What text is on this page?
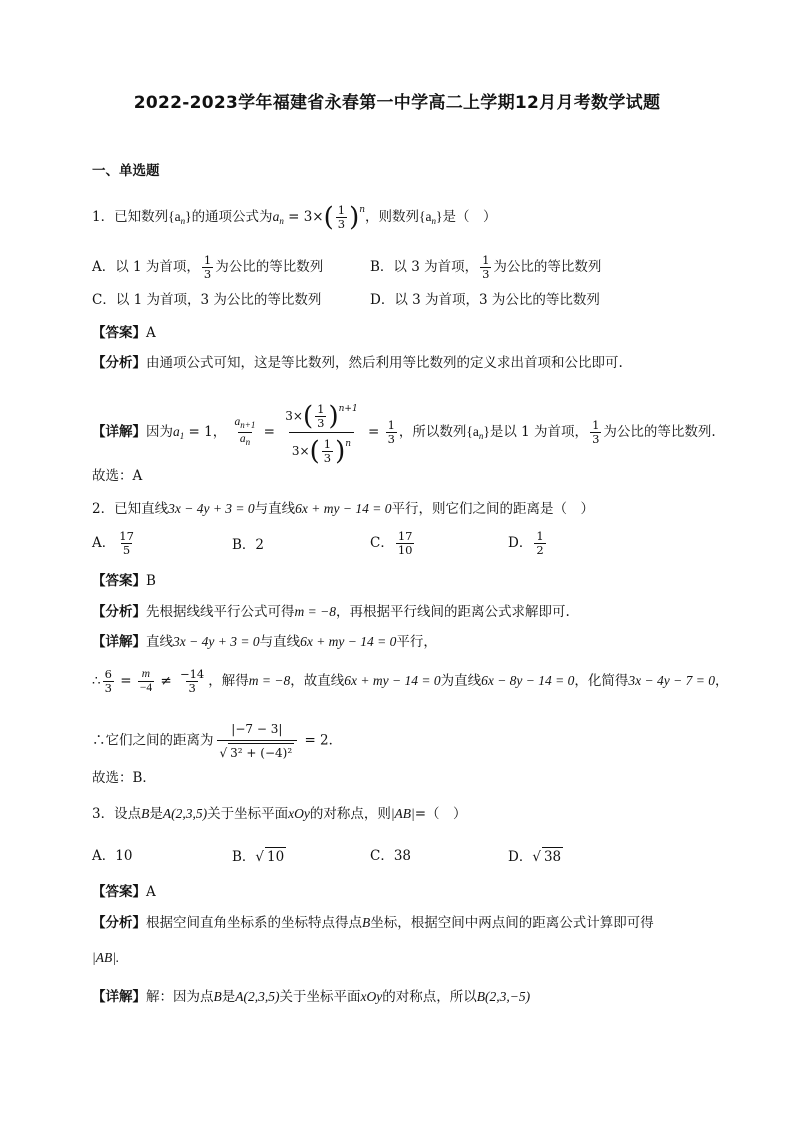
2022-2023学年福建省永春第一中学高二上学期12月月考数学试题
一、单选题
1．已知数列$\{a_n\}$的通项公式为$a_n = 3\times( \frac{1}{3} )^n$，则数列$\{a_n\}$是（　）
A．以 1 为首项， $\frac{1}{3}$ 为公比的等比数列	B．以 3 为首项， $\frac{1}{3}$ 为公比的等比数列
C．以 1 为首项，3 为公比的等比数列	D．以 3 为首项，3 为公比的等比数列
【答案】A
【分析】由通项公式可知，这是等比数列，然后利用等比数列的定义求出首项和公比即可.
【详解】因为$a_1 = 1$， $\frac{a_{n+1}}{a_n} = \frac{3\times( \frac{1}{3} )^{n+1}}{3\times( \frac{1}{3} )^n} = \frac{1}{3}$ ，所以数列$\{a_n\}$是以 1 为首项， $\frac{1}{3}$ 为公比的等比数列.
故选：A
2．已知直线3x − 4y + 3 = 0与直线6x + my − 14 = 0平行，则它们之间的距离是（　）
A． $\frac{17}{5}$	B．2	C． $\frac{17}{10}$	D． $\frac{1}{2}$
【答案】B
【分析】先根据线线平行公式可得m = −8，再根据平行线间的距离公式求解即可.
【详解】直线3x − 4y + 3 = 0与直线6x + my − 14 = 0平行，
∴ $\frac{6}{3} = \frac{m}{-4} \ne \frac{-14}{3}$ ，解得m = −8，故直线6x + my − 14 = 0为直线6x − 8y − 14 = 0，化简得3x − 4y − 7 = 0，
∴它们之间的距离为 $\frac{|-7 - 3|}{\text{√ 3² + (−4)²}} = 2$．
故选：B．
3．设点B是A(2,3,5)关于坐标平面xOy的对称点，则|AB|=（　）
A．10	B．√ 10	C．38	D．√ 38
【答案】A
【分析】根据空间直角坐标系的坐标特点得点B坐标，根据空间中两点间的距离公式计算即可得
|AB|.
【详解】解：因为点B是A(2,3,5)关于坐标平面xOy的对称点，所以B(2,3,−5)
